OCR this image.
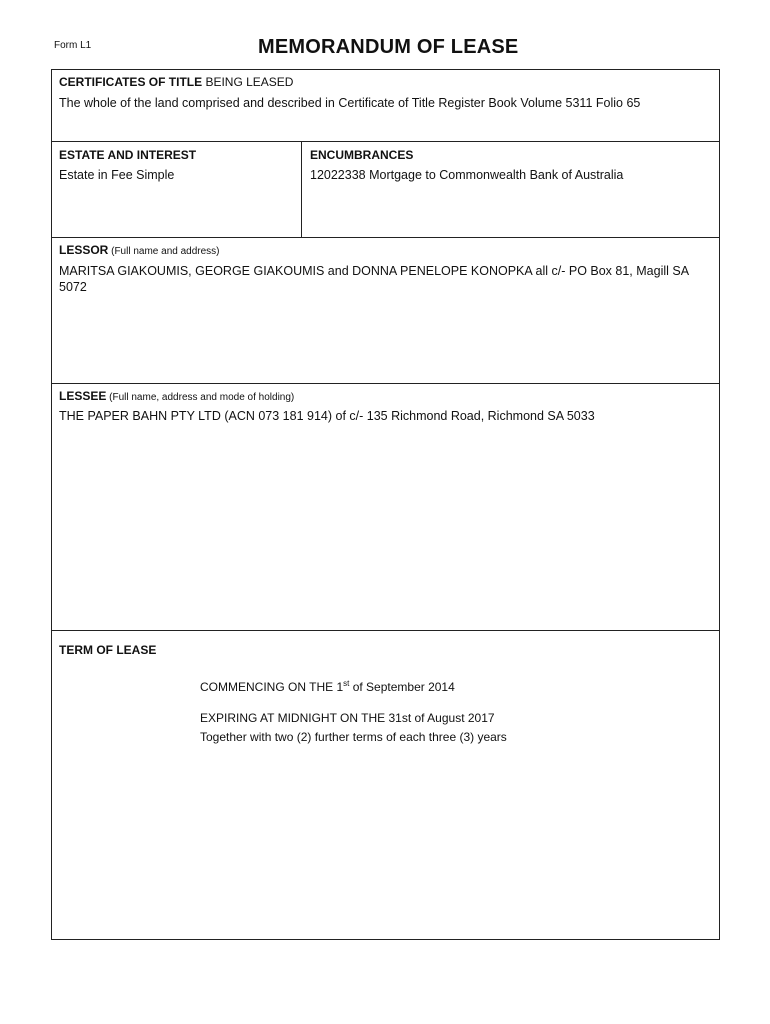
Form L1	MEMORANDUM OF LEASE
CERTIFICATES OF TITLE BEING LEASED
The whole of the land comprised and described in Certificate of Title Register Book Volume 5311 Folio 65
ESTATE AND INTEREST
Estate in Fee Simple
ENCUMBRANCES
12022338 Mortgage to Commonwealth Bank of Australia
LESSOR (Full name and address)
MARITSA GIAKOUMIS, GEORGE GIAKOUMIS and DONNA PENELOPE KONOPKA all c/- PO Box 81, Magill SA 5072
LESSEE (Full name, address and mode of holding)
THE PAPER BAHN PTY LTD (ACN 073 181 914) of c/- 135 Richmond Road, Richmond SA 5033
TERM OF LEASE
COMMENCING ON THE 1st of September 2014
EXPIRING AT MIDNIGHT ON THE 31st of August 2017
Together with two (2) further terms of each three (3) years
